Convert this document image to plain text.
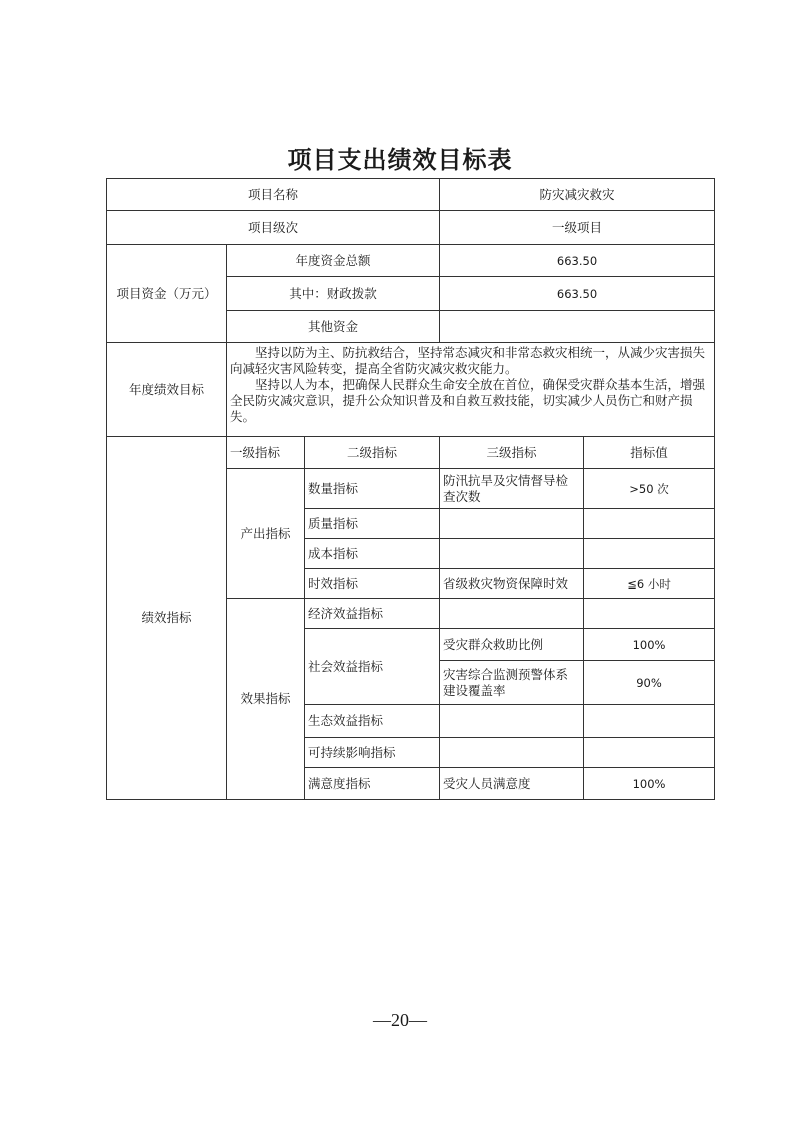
项目支出绩效目标表
项目名称			防灾减灾救灾	
项目级次			一级项目	
项目资金（万元）	年度资金总额		663.50	
	其中：财政拨款		663.50	
	其他资金			
年度绩效目标	坚持以防为主、防抗救结合，坚持常态减灾和非常态救灾相统一，从减少灾害损失向减轻灾害风险转变，提高全省防灾减灾救灾能力。

坚持以人为本，把确保人民群众生命安全放在首位，确保受灾群众基本生活，增强全民防灾减灾意识，提升公众知识普及和自救互救技能，切实减少人员伤亡和财产损失。			

绩效指标	一级指标	二级指标	三级指标	指标值
	产出指标	数量指标	防汛抗旱及灾情督导检查次数	>50 次
		质量指标		
		成本指标		
		时效指标	省级救灾物资保障时效	≦6 小时
	效果指标	经济效益指标		
		社会效益指标	受灾群众救助比例	100%
			灾害综合监测预警体系建设覆盖率	90%
		生态效益指标		
		可持续影响指标		
		满意度指标	受灾人员满意度	100%
—20—
